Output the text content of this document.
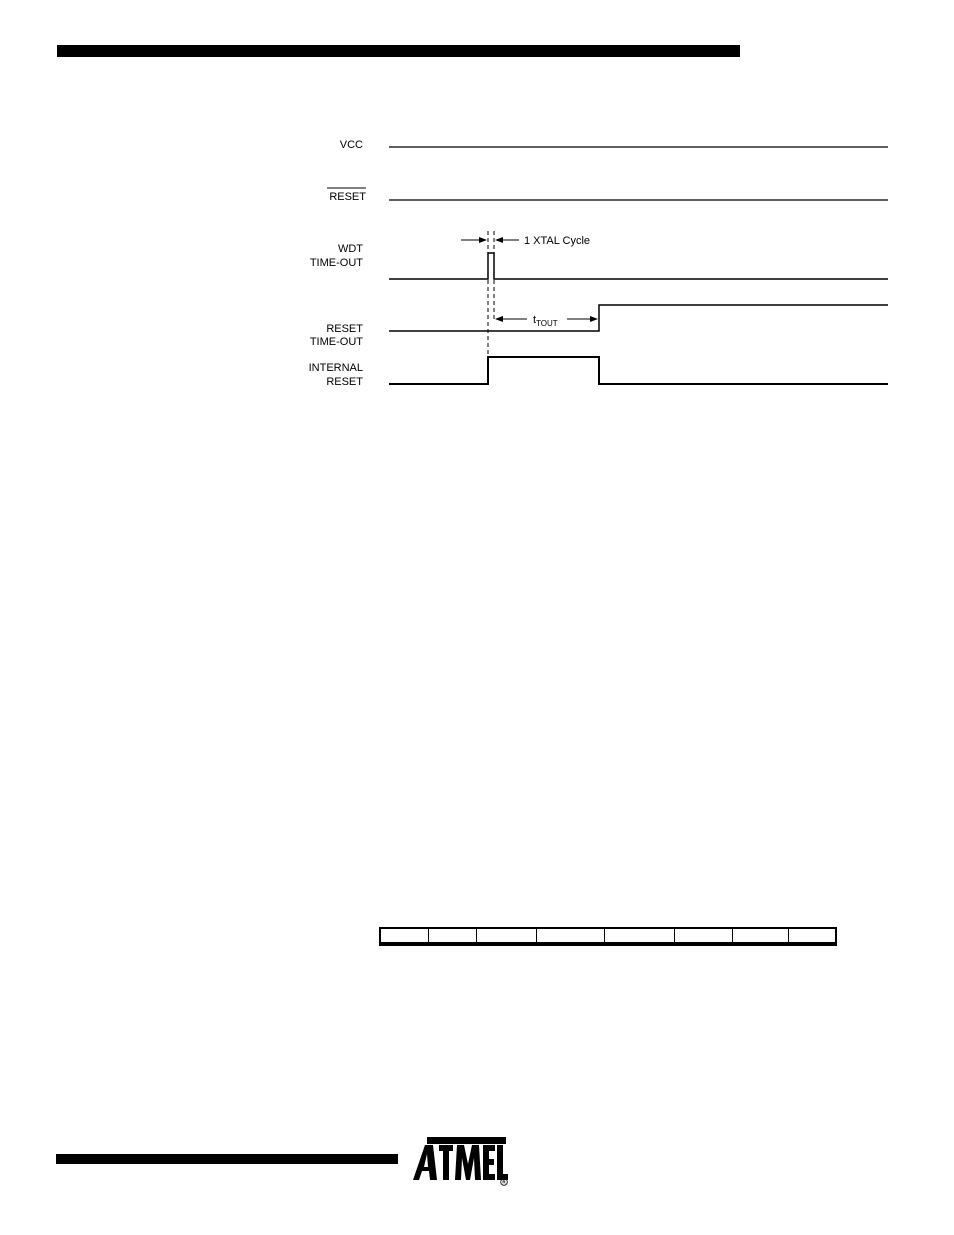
VCC
RESET
WDT
TIME-OUT
RESET
TIME-OUT
INTERNAL
RESET
1 XTAL Cycle
$t_{TOUT}$

R
